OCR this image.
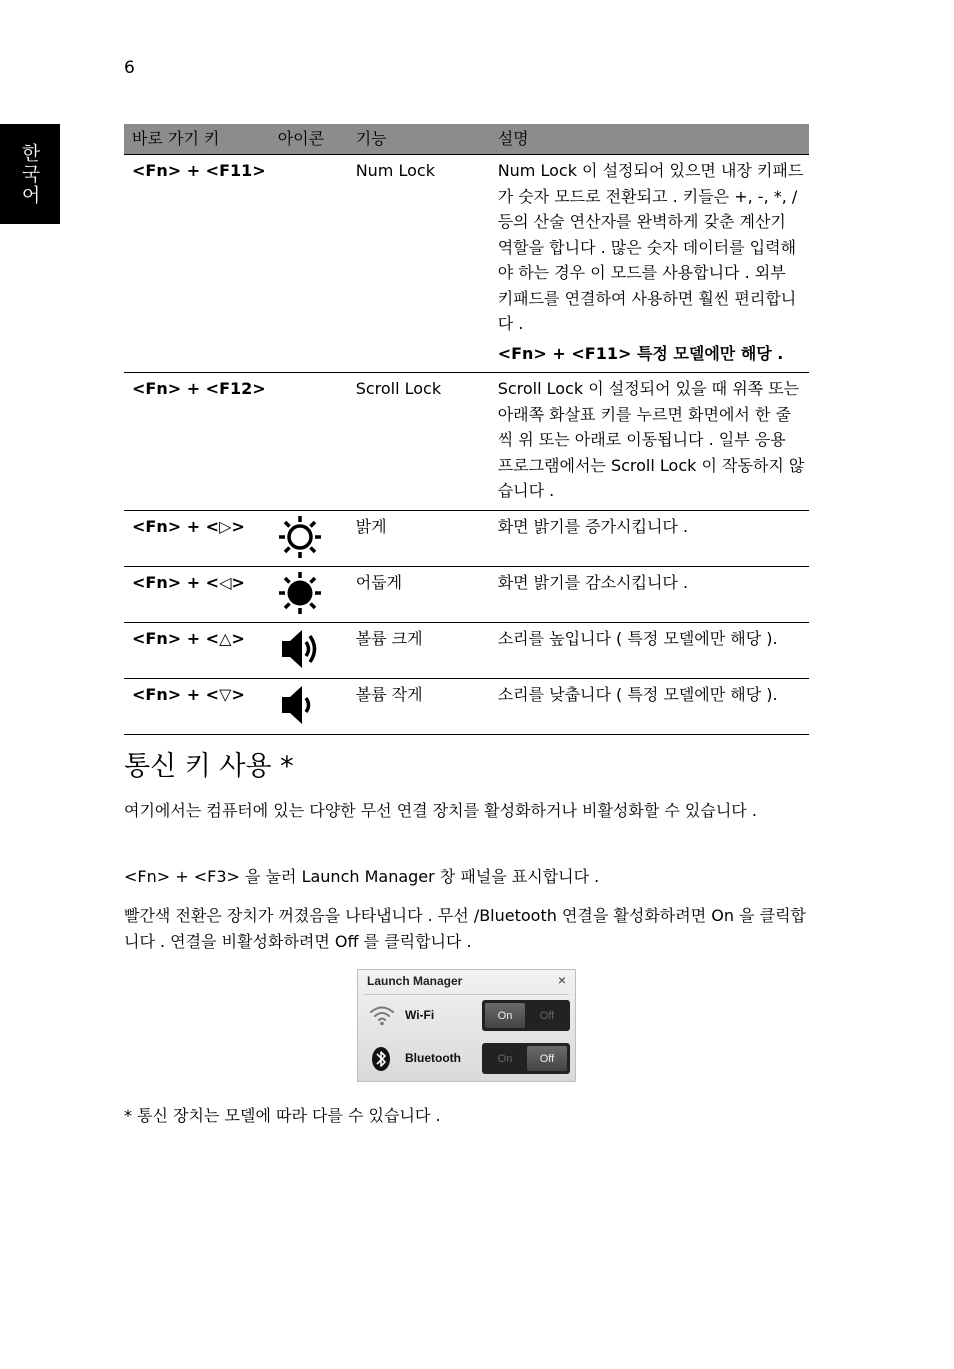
6
한국어
바로 가기 키	아이콘	기능	설명
<Fn> + <F11>		Num Lock	Num Lock 이 설정되어 있으면 내장 키패드가 숫자 모드로 전환되고 . 키들은 +, -, *, / 등의 산술 연산자를 완벽하게 갖춘 계산기 역할을 합니다 . 많은 숫자 데이터를 입력해야 하는 경우 이 모드를 사용합니다 . 외부 키패드를 연결하여 사용하면 훨씬 편리합니다 .
<Fn> + <F11> 특정 모델에만 해당 .

<Fn> + <F12>		Scroll Lock	Scroll Lock 이 설정되어 있을 때 위쪽 또는 아래쪽 화살표 키를 누르면 화면에서 한 줄씩 위 또는 아래로 이동됩니다 . 일부 응용 프로그램에서는 Scroll Lock 이 작동하지 않습니다 .

<Fn> + <▷>		밝게	화면 밝기를 증가시킵니다 .
<Fn> + <◁>		어둡게	화면 밝기를 감소시킵니다 .
<Fn> + <△>		볼륨 크게	소리를 높입니다 ( 특정 모델에만 해당 ).
<Fn> + <▽>		볼륨 작게	소리를 낮춥니다 ( 특정 모델에만 해당 ).
통신 키 사용 *

여기에서는 컴퓨터에 있는 다양한 무선 연결 장치를 활성화하거나 비활성화할 수 있습니다 .

<Fn> + <F3> 을 눌러 Launch Manager 창 패널을 표시합니다 .

빨간색 전환은 장치가 꺼졌음을 나타냅니다 . 무선 /Bluetooth 연결을 활성화하려면 On 을 클릭합니다 . 연결을 비활성화하려면 Off 를 클릭합니다 .

Launch Manager	×
Wi-Fi	On	Off
Bluetooth	On	Off

* 통신 장치는 모델에 따라 다를 수 있습니다 .
